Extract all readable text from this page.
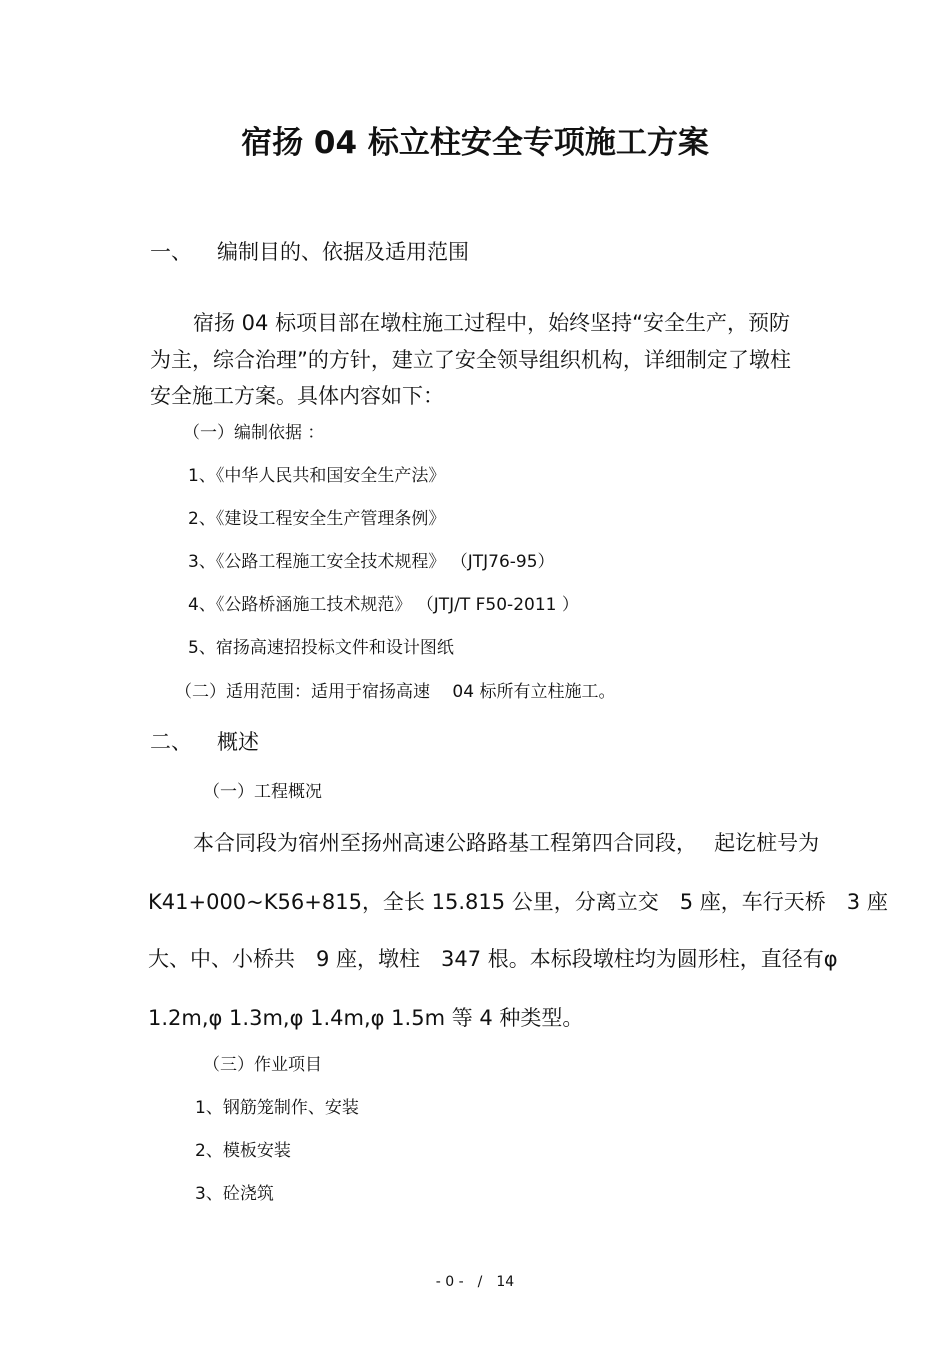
宿扬 04 标立柱安全专项施工方案
一、 编制目的、依据及适用范围

宿扬 04 标项目部在墩柱施工过程中，始终坚持“安全生产，预防

为主，综合治理”的方针，建立了安全领导组织机构，详细制定了墩柱

安全施工方案。具体内容如下：

（一）编制依据 ：
1、《中华人民共和国安全生产法》
2、《建设工程安全生产管理条例》
3、《公路工程施工安全技术规程》 （JTJ76-95）
4、《公路桥涵施工技术规范》 （JTJ/T F50-2011 ）
5、宿扬高速招投标文件和设计图纸
（二）适用范围：适用于宿扬高速　 04 标所有立柱施工。
二、 概述
（一）工程概况

本合同段为宿州至扬州高速公路路基工程第四合同段，　 起讫桩号为

K41+000~K56+815，全长 15.815 公里，分离立交　5 座，车行天桥　3 座

大、中、小桥共　9 座，墩柱　347 根。本标段墩柱均为圆形柱，直径有φ

1.2m,φ 1.3m,φ 1.4m,φ 1.5m 等 4 种类型。

（三）作业项目
1、钢筋笼制作、安装
2、模板安装
3、砼浇筑
- 0 -　/　14
